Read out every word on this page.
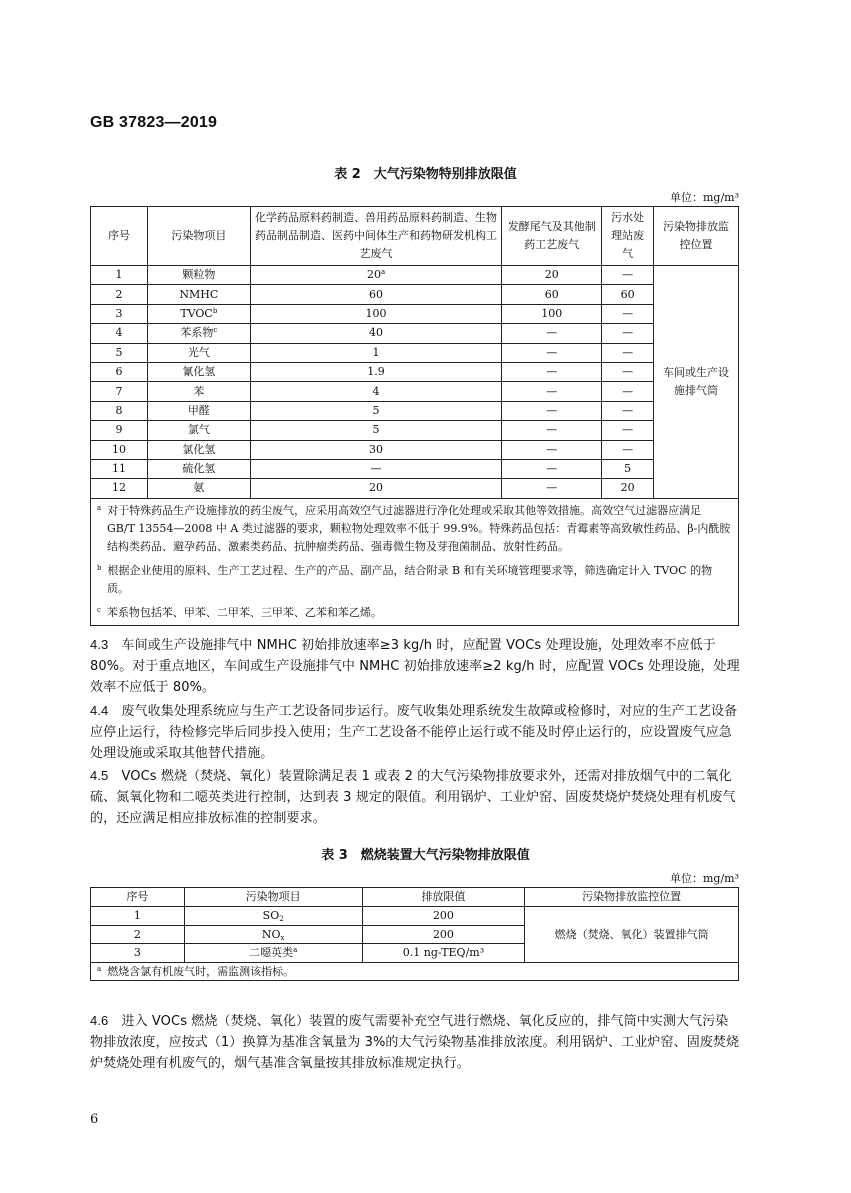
GB 37823—2019
表 2　大气污染物特别排放限值
单位：mg/m³
序号	污染物项目	化学药品原料药制造、兽用药品原料药制造、生物药品制品制造、医药中间体生产和药物研发机构工艺废气	发酵尾气及其他制药工艺废气	污水处理站废气	污染物排放监控位置
1	颗粒物	20$^a$	20	—	车间或生产设施排气筒
2	NMHC	60	60	60	
3	TVOC$^b$	100	100	—	
4	苯系物$^c$	40	—	—	
5	光气	1	—	—	
6	氰化氢	1.9	—	—	
7	苯	4	—	—	
8	甲醛	5	—	—	
9	氯气	5	—	—	
10	氯化氢	30	—	—	
11	硫化氢	—	—	5	
12	氨	20	—	20	
$^a$ 对于特殊药品生产设施排放的药尘废气，应采用高效空气过滤器进行净化处理或采取其他等效措施。高效空气过滤器应满足 GB/T 13554—2008 中 A 类过滤器的要求，颗粒物处理效率不低于 99.9%。特殊药品包括：青霉素等高致敏性药品、β-内酰胺结构类药品、避孕药品、激素类药品、抗肿瘤类药品、强毒微生物及芽孢菌制品、放射性药品。					
$^b$ 根据企业使用的原料、生产工艺过程、生产的产品、副产品，结合附录 B 和有关环境管理要求等，筛选确定计入 TVOC 的物质。					
$^c$ 苯系物包括苯、甲苯、二甲苯、三甲苯、乙苯和苯乙烯。					
4.3　 车间或生产设施排气中 NMHC 初始排放速率≥3 kg/h 时，应配置 VOCs 处理设施，处理效率不应低于 80%。对于重点地区，车间或生产设施排气中 NMHC 初始排放速率≥2 kg/h 时，应配置 VOCs 处理设施，处理效率不应低于 80%。
4.4　 废气收集处理系统应与生产工艺设备同步运行。废气收集处理系统发生故障或检修时，对应的生产工艺设备应停止运行，待检修完毕后同步投入使用；生产工艺设备不能停止运行或不能及时停止运行的，应设置废气应急处理设施或采取其他替代措施。
4.5　 VOCs 燃烧（焚烧、氧化）装置除满足表 1 或表 2 的大气污染物排放要求外，还需对排放烟气中的二氧化硫、氮氧化物和二噁英类进行控制，达到表 3 规定的限值。利用锅炉、工业炉窑、固废焚烧炉焚烧处理有机废气的，还应满足相应排放标准的控制要求。
表 3　燃烧装置大气污染物排放限值
单位：mg/m³
序号	污染物项目	排放限值	污染物排放监控位置
1	$SO_2$	200	燃烧（焚烧、氧化）装置排气筒
2	$NO_x$	200	
3	二噁英类$^a$	0.1 ng-TEQ/m³	
$^a$ 燃烧含氯有机废气时，需监测该指标。			
4.6　 进入 VOCs 燃烧（焚烧、氧化）装置的废气需要补充空气进行燃烧、氧化反应的，排气筒中实测大气污染物排放浓度，应按式（1）换算为基准含氧量为 3%的大气污染物基准排放浓度。利用锅炉、工业炉窑、固废焚烧炉焚烧处理有机废气的，烟气基准含氧量按其排放标准规定执行。
6
